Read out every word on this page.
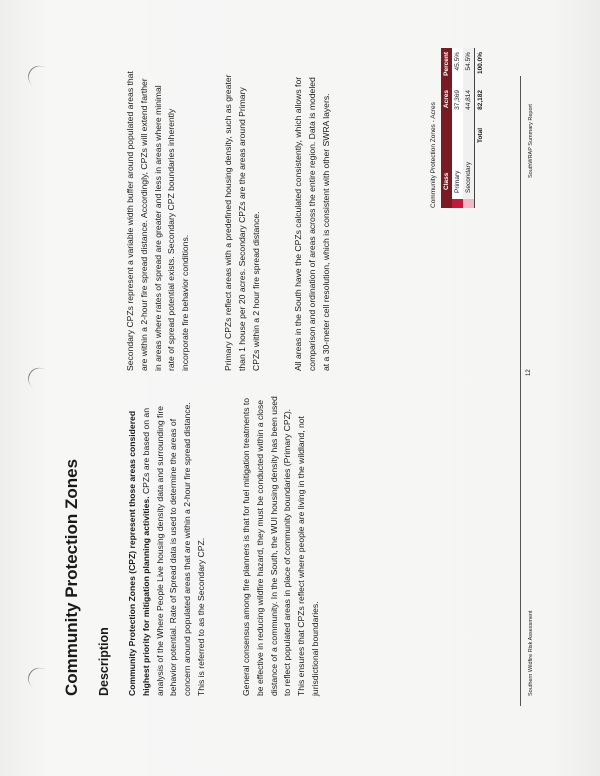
Community Protection Zones Description Community Protection Zones (CPZ) represent those areas considered highest priority for mitigation planning activities. CPZs are based on an analysis of the Where People Live housing density data and surrounding fire behavior potential. Rate of Spread data is used to determine the areas of concern around populated areas that are within a 2-hour fire spread distance. This is referred to as the Secondary CPZ.	General consensus among fire planners is that for fuel mitigation treatments to be effective in reducing wildfire hazard, they must be conducted within a close distance of a community. In the South, the WUI housing density has been used to reflect populated areas in place of community boundaries (Primary CPZ). This ensures that CPZs reflect where people are living in the wildland, not jurisdictional boundaries.

Secondary CPZs represent a variable width buffer around populated areas that are within a 2-hour fire spread distance. Accordingly, CPZs will extend farther in areas where rates of spread are greater and less in areas where minimal rate of spread potential exists. Secondary CPZ boundaries inherently incorporate fire behavior conditions.	Primary CPZs reflect areas with a predefined housing density, such as greater than 1 house per 20 acres. Secondary CPZs are the areas around Primary CPZs within a 2 hour fire spread distance.	All areas in the South have the CPZs calculated consistently, which allows for comparison and ordination of areas across the entire region. Data is modeled at a 30-meter cell resolution, which is consistent with other SWRA layers.	Community Protection Zones - Acres Class	Acres	Percent
Primary	37,369	45.5%
Secondary	44,814	54.5%
Total	82,182	100.0%
Southern Wildfire Risk Assessment
12
SouthWRAP Summary Report
